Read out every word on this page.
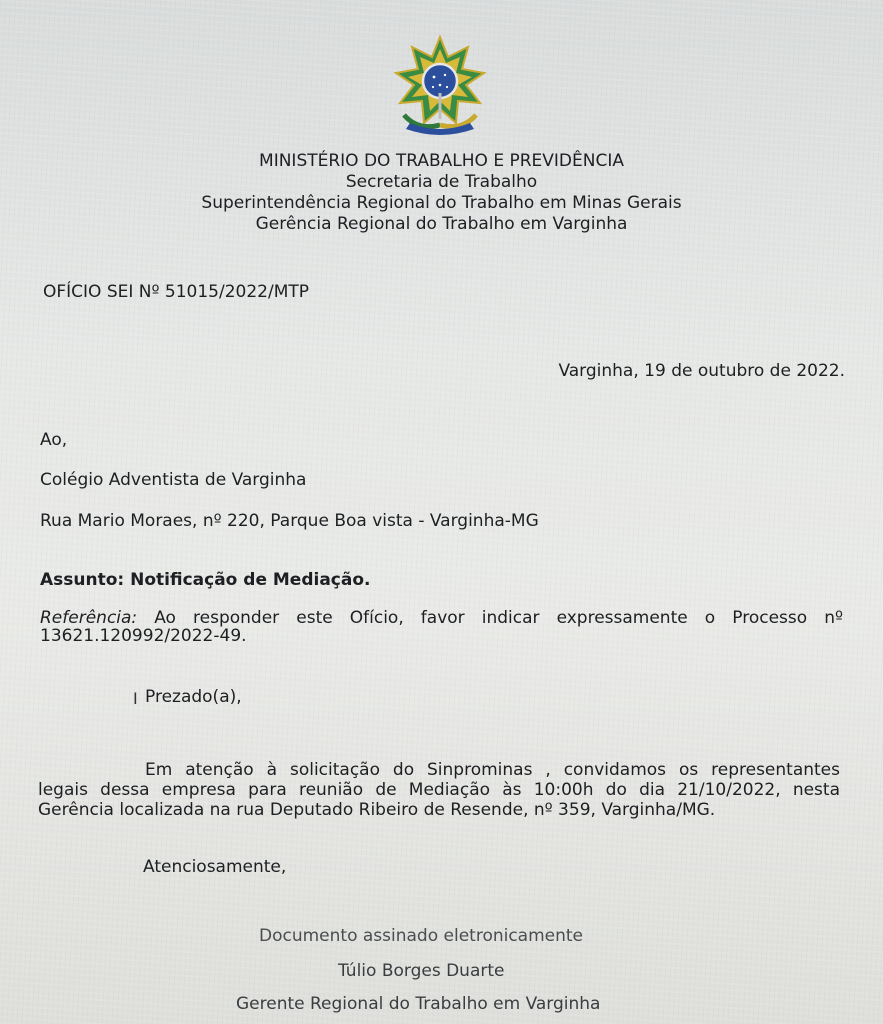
MINISTÉRIO DO TRABALHO E PREVIDÊNCIA
Secretaria de Trabalho
Superintendência Regional do Trabalho em Minas Gerais
Gerência Regional do Trabalho em Varginha
OFÍCIO SEI Nº 51015/2022/MTP
Varginha, 19 de outubro de 2022.
Ao,
Colégio Adventista de Varginha
Rua Mario Moraes, nº 220, Parque Boa vista - Varginha-MG
Assunto: Notificação de Mediação.
Referência: Ao responder este Ofício, favor indicar expressamente o Processo nº
13621.120992/2022-49.
I Prezado(a),
Em atenção à solicitação do Sinprominas , convidamos os representantes
legais dessa empresa para reunião de Mediação às 10:00h do dia 21/10/2022, nesta
Gerência localizada na rua Deputado Ribeiro de Resende, nº 359, Varginha/MG.
Atenciosamente,
Documento assinado eletronicamente
Túlio Borges Duarte
Gerente Regional do Trabalho em Varginha
